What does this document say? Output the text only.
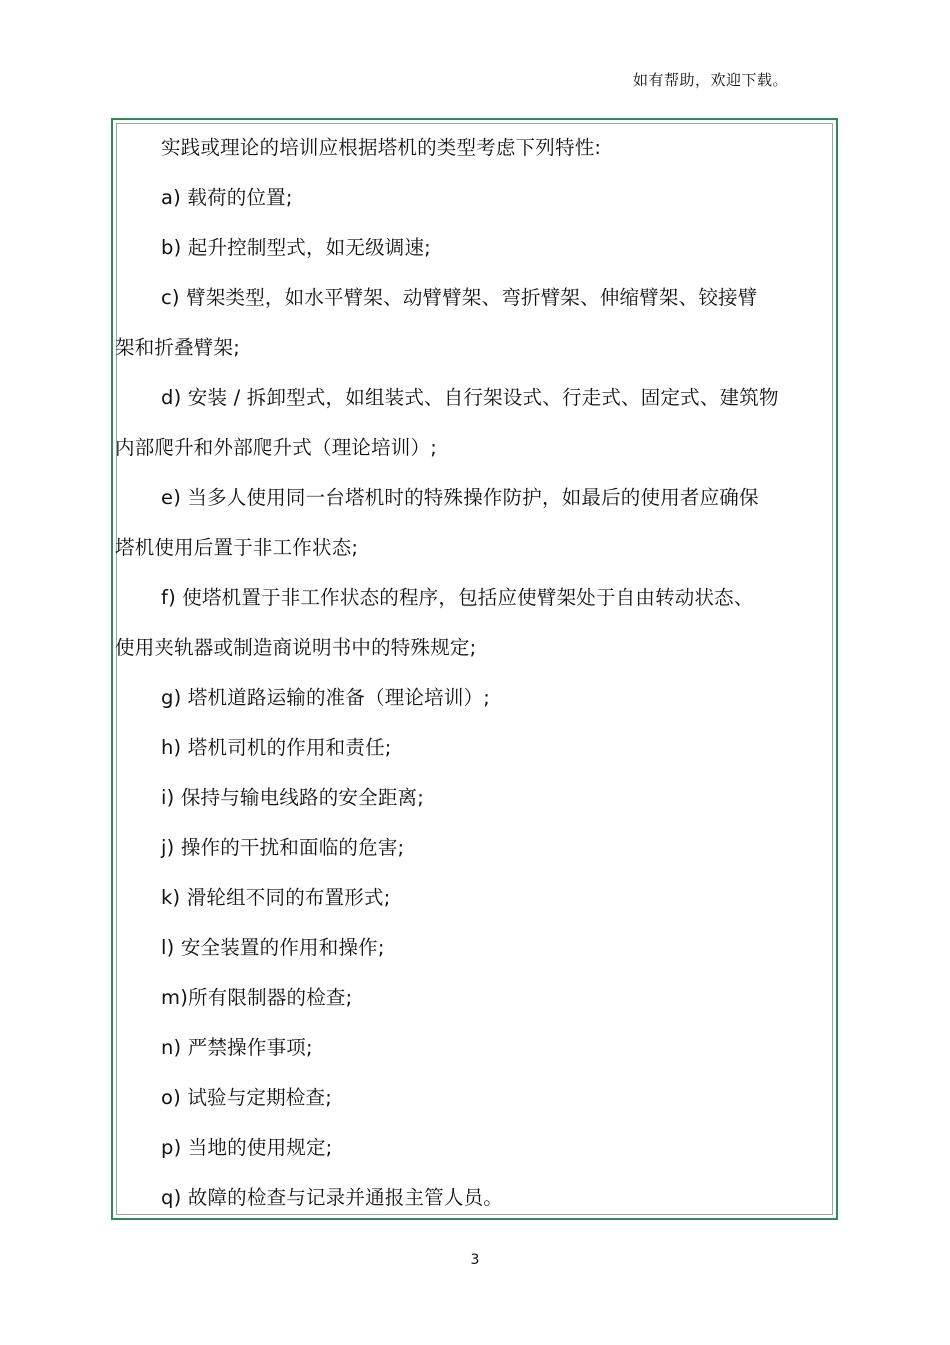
如有帮助，欢迎下载。
实践或理论的培训应根据塔机的类型考虑下列特性:
a) 载荷的位置;
b) 起升控制型式，如无级调速;
c) 臂架类型，如水平臂架、动臂臂架、弯折臂架、伸缩臂架、铰接臂
架和折叠臂架;
d) 安装 / 拆卸型式，如组装式、自行架设式、行走式、固定式、建筑物
内部爬升和外部爬升式（理论培训）;
e) 当多人使用同一台塔机时的特殊操作防护，如最后的使用者应确保
塔机使用后置于非工作状态;
f) 使塔机置于非工作状态的程序，包括应使臂架处于自由转动状态、
使用夹轨器或制造商说明书中的特殊规定;
g) 塔机道路运输的准备（理论培训）;
h) 塔机司机的作用和责任;
i) 保持与输电线路的安全距离;
j) 操作的干扰和面临的危害;
k) 滑轮组不同的布置形式;
l) 安全装置的作用和操作;
m)所有限制器的检查;
n) 严禁操作事项;
o) 试验与定期检查;
p) 当地的使用规定;
q) 故障的检查与记录并通报主管人员。
3
